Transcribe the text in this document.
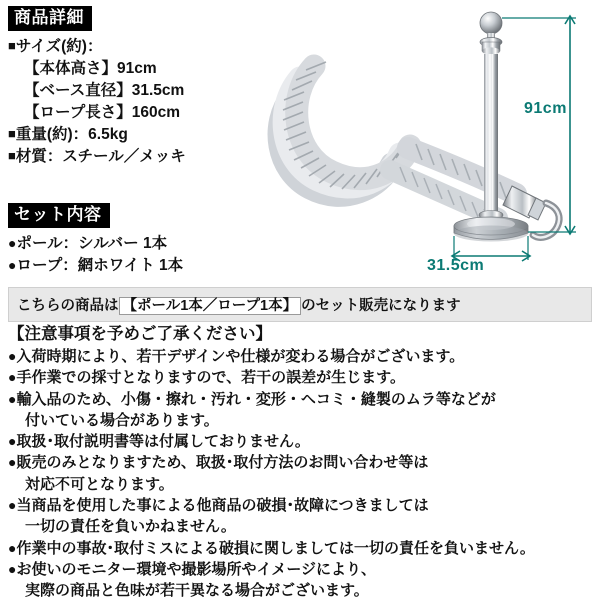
91cm
31.5cm
商品詳細
■サイズ(約)：
【本体高さ】91cm
【ベース直径】31.5cm
【ロープ長さ】160cm
■重量(約)：6.5kg
■材質：スチール／メッキ
セット内容
●ポール：シルバー 1本
●ロープ：網ホワイト 1本
こちらの商品は 【ポール1本／ロープ1本】 のセット販売になります
【注意事項を予めご了承ください】
●入荷時期により、若干デザインや仕様が変わる場合がございます。
●手作業での採寸となりますので、若干の誤差が生じます。
●輸入品のため、小傷・擦れ・汚れ・変形・ヘコミ・縫製のムラ等などが
付いている場合があります。
●取扱･取付説明書等は付属しておりません。
●販売のみとなりますため、取扱･取付方法のお問い合わせ等は
対応不可となります。
●当商品を使用した事による他商品の破損･故障につきましては
一切の責任を負いかねません。
●作業中の事故･取付ミスによる破損に関しましては一切の責任を負いません。
●お使いのモニター環境や撮影場所やイメージにより、
実際の商品と色味が若干異なる場合がございます。
